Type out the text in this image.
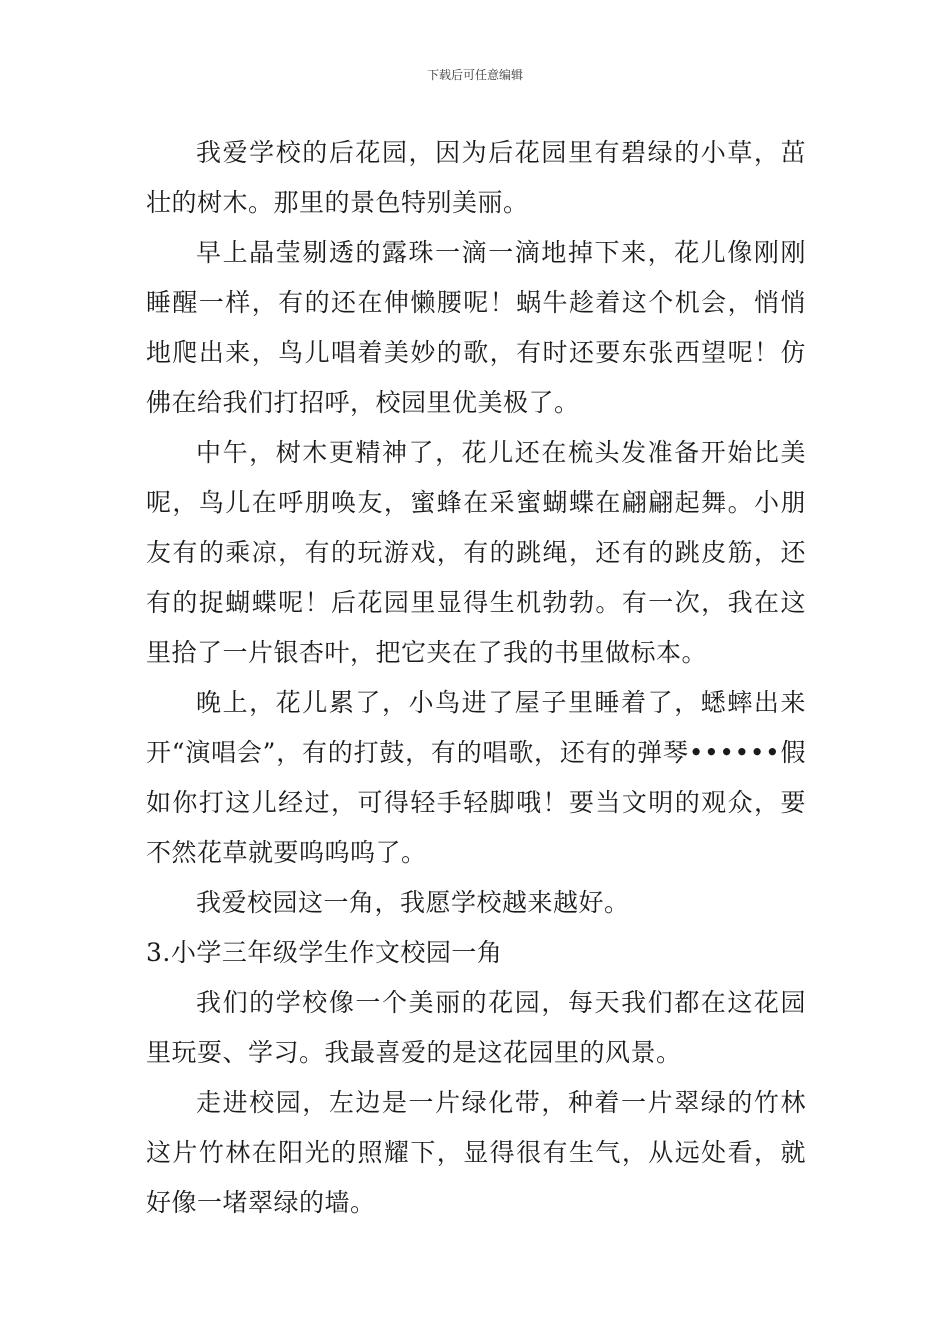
下载后可任意编辑

我爱学校的后花园，因为后花园里有碧绿的小草，茁壮的树木。那里的景色特别美丽。

早上晶莹剔透的露珠一滴一滴地掉下来，花儿像刚刚睡醒一样，有的还在伸懒腰呢！蜗牛趁着这个机会，悄悄地爬出来，鸟儿唱着美妙的歌，有时还要东张西望呢！仿佛在给我们打招呼，校园里优美极了。

中午，树木更精神了，花儿还在梳头发准备开始比美呢，鸟儿在呼朋唤友，蜜蜂在采蜜蝴蝶在翩翩起舞。小朋友有的乘凉，有的玩游戏，有的跳绳，还有的跳皮筋，还有的捉蝴蝶呢！后花园里显得生机勃勃。有一次，我在这里拾了一片银杏叶，把它夹在了我的书里做标本。

晚上，花儿累了，小鸟进了屋子里睡着了，蟋蟀出来开“演唱会”，有的打鼓，有的唱歌，还有的弹琴••••••假如你打这儿经过，可得轻手轻脚哦！要当文明的观众，要不然花草就要呜呜呜了。

我爱校园这一角，我愿学校越来越好。

3.小学三年级学生作文校园一角

我们的学校像一个美丽的花园，每天我们都在这花园里玩耍、学习。我最喜爱的是这花园里的风景。

走进校园，左边是一片绿化带，种着一片翠绿的竹林这片竹林在阳光的照耀下，显得很有生气，从远处看，就好像一堵翠绿的墙。
